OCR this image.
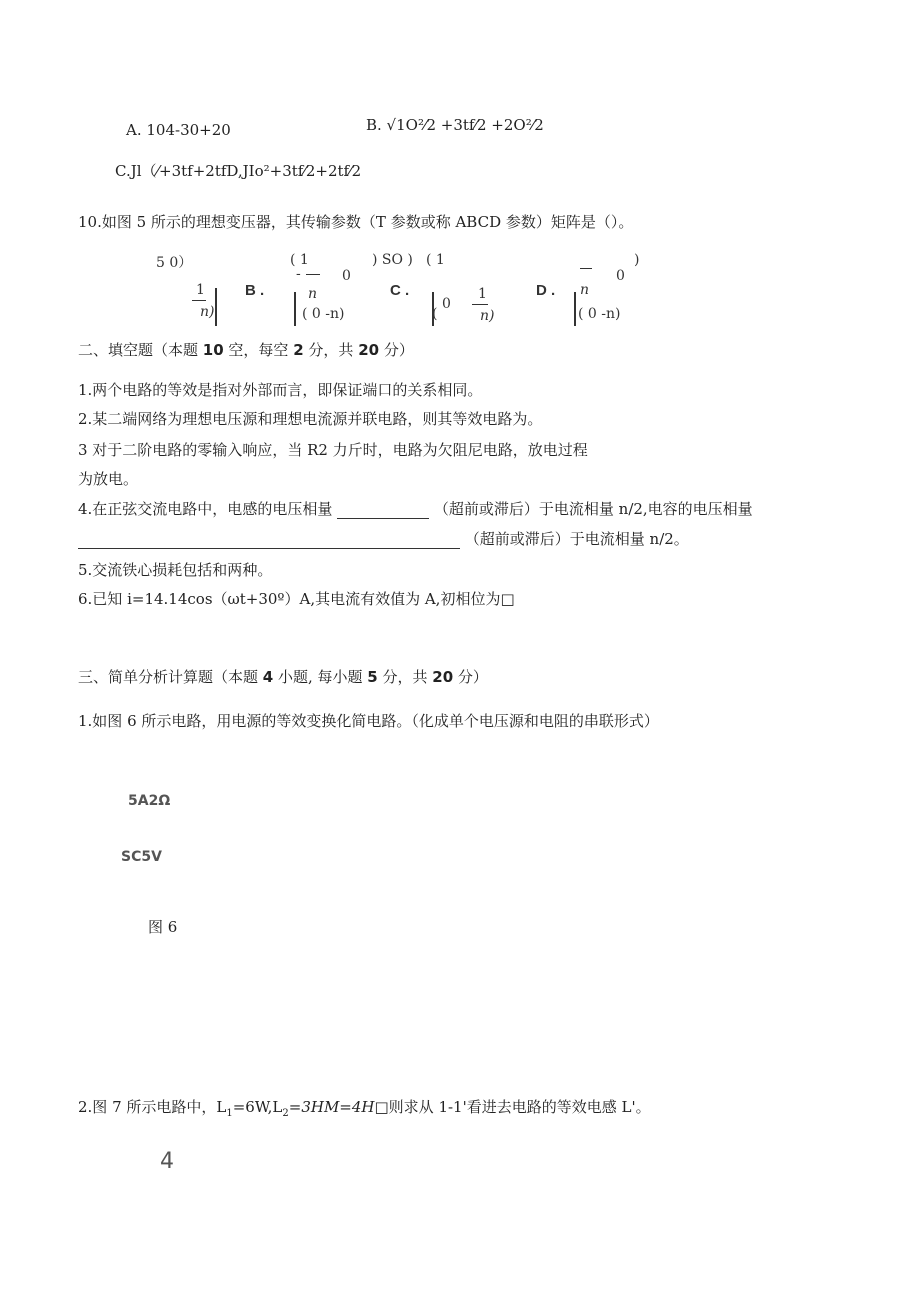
A. 104-30+20	B. √1O²⁄2 +3tf⁄2 +2O²⁄2
C.Jl（⁄+3tf+2tfD,JIo²+3tf⁄2+2tf⁄2
10.如图 5 所示的理想变压器，其传输参数（T 参数或称 ABCD 参数）矩阵是（）。
5 0）
1
n)
B .
( 1
-	0
n
( 0 -n)
) SO ) ( 1
(
0
1
n)
C .	D .
0
n
( 0 -n)
)
二、填空题（本题 10 空，每空 2 分，共 20 分）
1.两个电路的等效是指对外部而言，即保证端口的关系相同。
2.某二端网络为理想电压源和理想电流源并联电路，则其等效电路为。
3 对于二阶电路的零输入响应，当 R2 力斤时，电路为欠阻尼电路，放电过程
为放电。
4.在正弦交流电路中，电感的电压相量	（超前或滞后）于电流相量 n/2,电容的电压相量
（超前或滞后）于电流相量 n/2。
5.交流铁心损耗包括和两种。
6.已知 i=14.14cos（ωt+30º）A,其电流有效值为 A,初相位为□
三、简单分析计算题（本题 4 小题, 每小题 5 分，共 20 分）
1.如图 6 所示电路，用电源的等效变换化简电路。（化成单个电压源和电阻的串联形式）
5A2Ω
SC5V
图 6
2.图 7 所示电路中，$L_1=6W,L_2=3HM=4H□$则求从 1-1'看进去电路的等效电感 L'。
4
